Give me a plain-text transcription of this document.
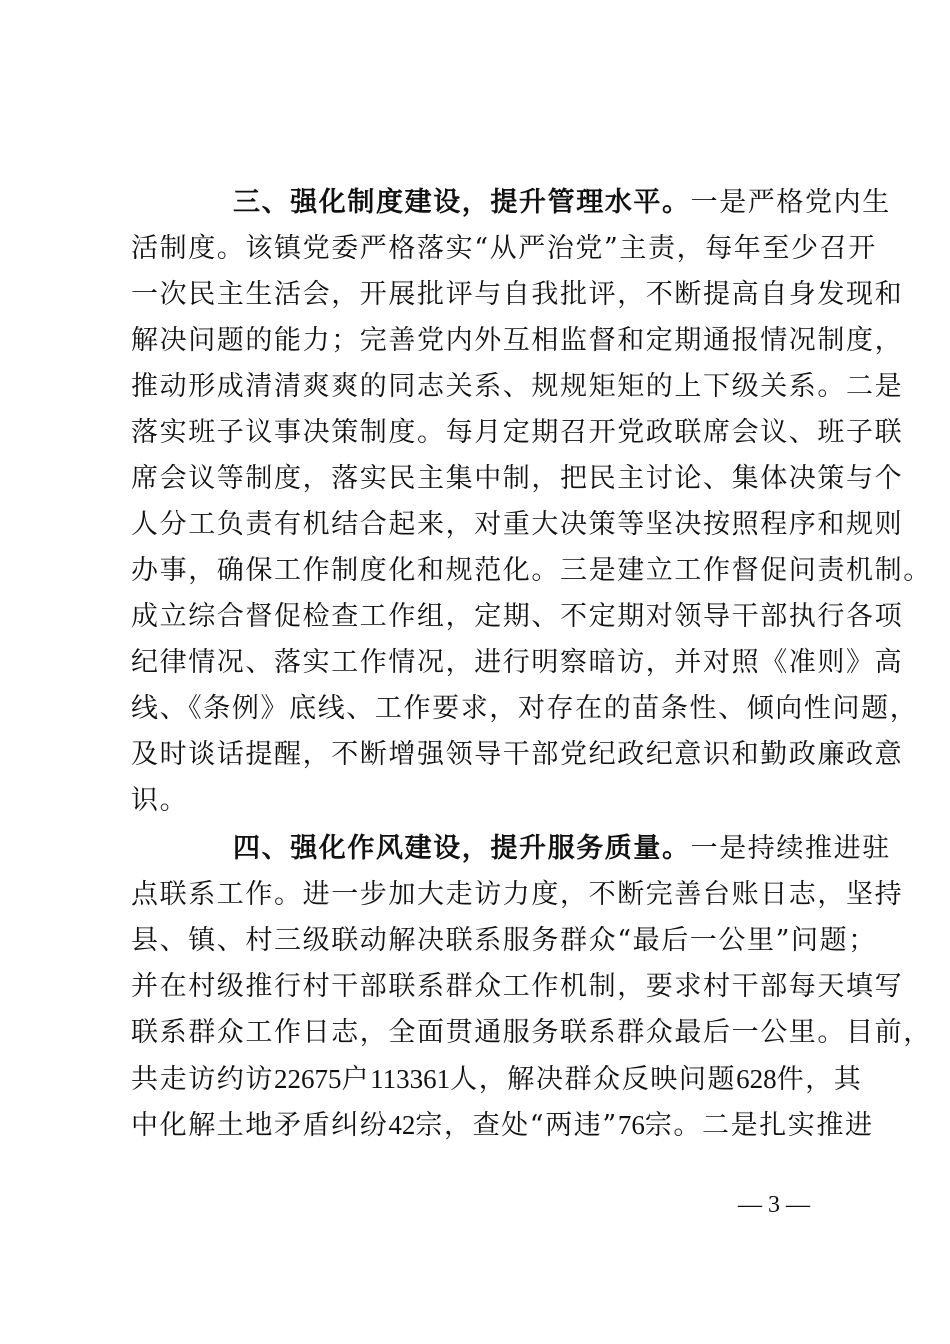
三、强化制度建设，提升管理水平。一是严格党内生
活制度。该镇党委严格落实“从严治党”主责，每年至少召开
一次民主生活会，开展批评与自我批评，不断提高自身发现和
解决问题的能力；完善党内外互相监督和定期通报情况制度，
推动形成清清爽爽的同志关系、规规矩矩的上下级关系。二是
落实班子议事决策制度。每月定期召开党政联席会议、班子联
席会议等制度，落实民主集中制，把民主讨论、集体决策与个
人分工负责有机结合起来，对重大决策等坚决按照程序和规则
办事，确保工作制度化和规范化。三是建立工作督促问责机制。
成立综合督促检查工作组，定期、不定期对领导干部执行各项
纪律情况、落实工作情况，进行明察暗访，并对照《准则》高
线、《条例》底线、工作要求，对存在的苗条性、倾向性问题，
及时谈话提醒，不断增强领导干部党纪政纪意识和勤政廉政意
识。
四、强化作风建设，提升服务质量。一是持续推进驻
点联系工作。进一步加大走访力度，不断完善台账日志，坚持
县、镇、村三级联动解决联系服务群众“最后一公里”问题；
并在村级推行村干部联系群众工作机制，要求村干部每天填写
联系群众工作日志，全面贯通服务联系群众最后一公里。目前，
共走访约访22675户113361人，解决群众反映问题628件，其
中化解土地矛盾纠纷42宗，查处“两违”76宗。二是扎实推进
— 3 —
